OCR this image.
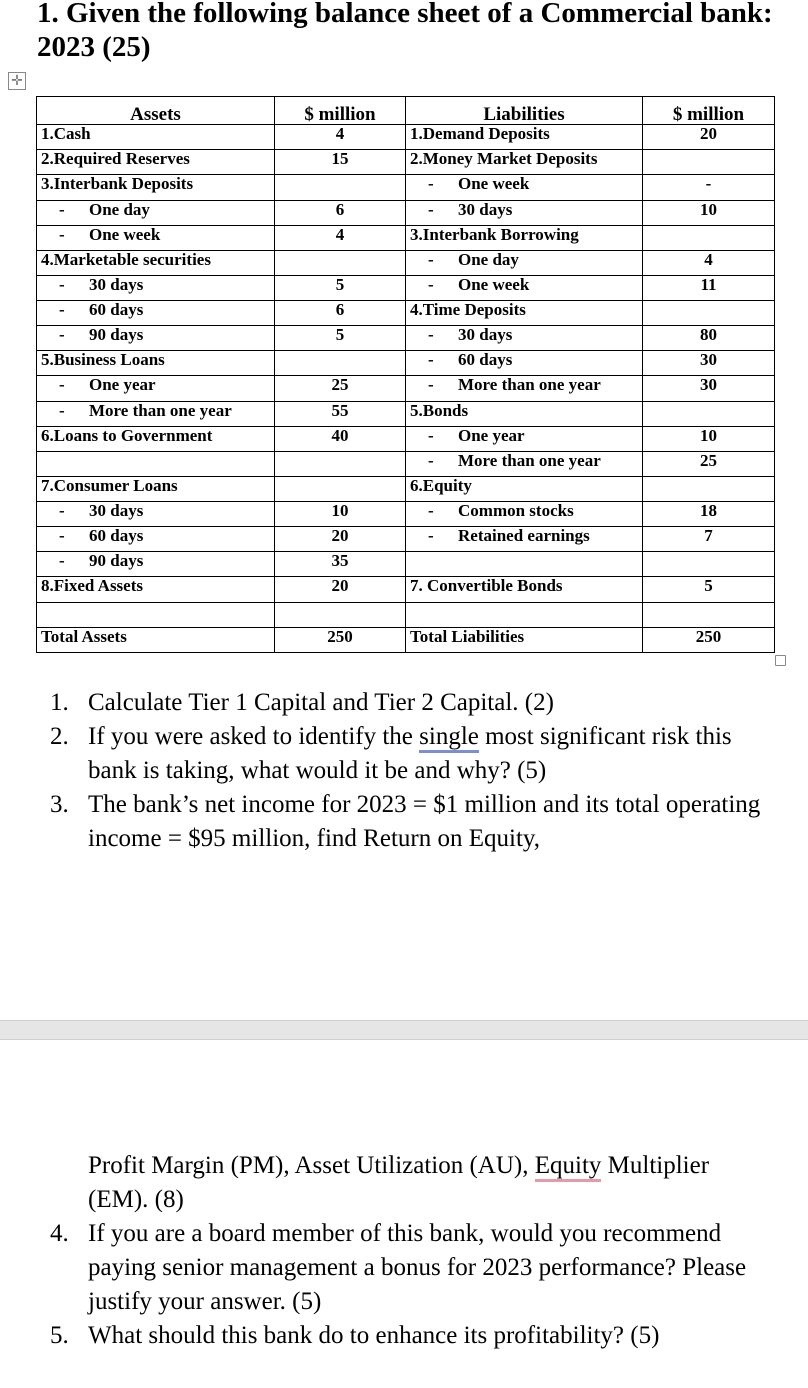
1. Given the following balance sheet of a Commercial bank: 2023 (25)
✛
Assets	$ million	Liabilities	$ million
1.Cash	4	1.Demand Deposits	20
2.Required Reserves	15	2.Money Market Deposits	
3.Interbank Deposits		- One week	-
- One day	6	- 30 days	10
- One week	4	3.Interbank Borrowing	
4.Marketable securities		- One day	4
- 30 days	5	- One week	11
- 60 days	6	4.Time Deposits	
- 90 days	5	- 30 days	80
5.Business Loans		- 60 days	30
- One year	25	- More than one year	30
- More than one year	55	5.Bonds	
6.Loans to Government	40	- One year	10
		- More than one year	25
7.Consumer Loans		6.Equity	
- 30 days	10	- Common stocks	18
- 60 days	20	- Retained earnings	7
- 90 days	35		
8.Fixed Assets	20	7. Convertible Bonds	5

Total Assets	250	Total Liabilities	250
1. Calculate Tier 1 Capital and Tier 2 Capital. (2)
2. If you were asked to identify the single most significant risk this bank is taking, what would it be and why? (5)
3. The bank’s net income for 2023 = $1 million and its total operating income = $95 million, find Return on Equity,
Profit Margin (PM), Asset Utilization (AU), Equity Multiplier (EM). (8)
4. If you are a board member of this bank, would you recommend paying senior management a bonus for 2023 performance? Please justify your answer. (5)
5. What should this bank do to enhance its profitability? (5)
